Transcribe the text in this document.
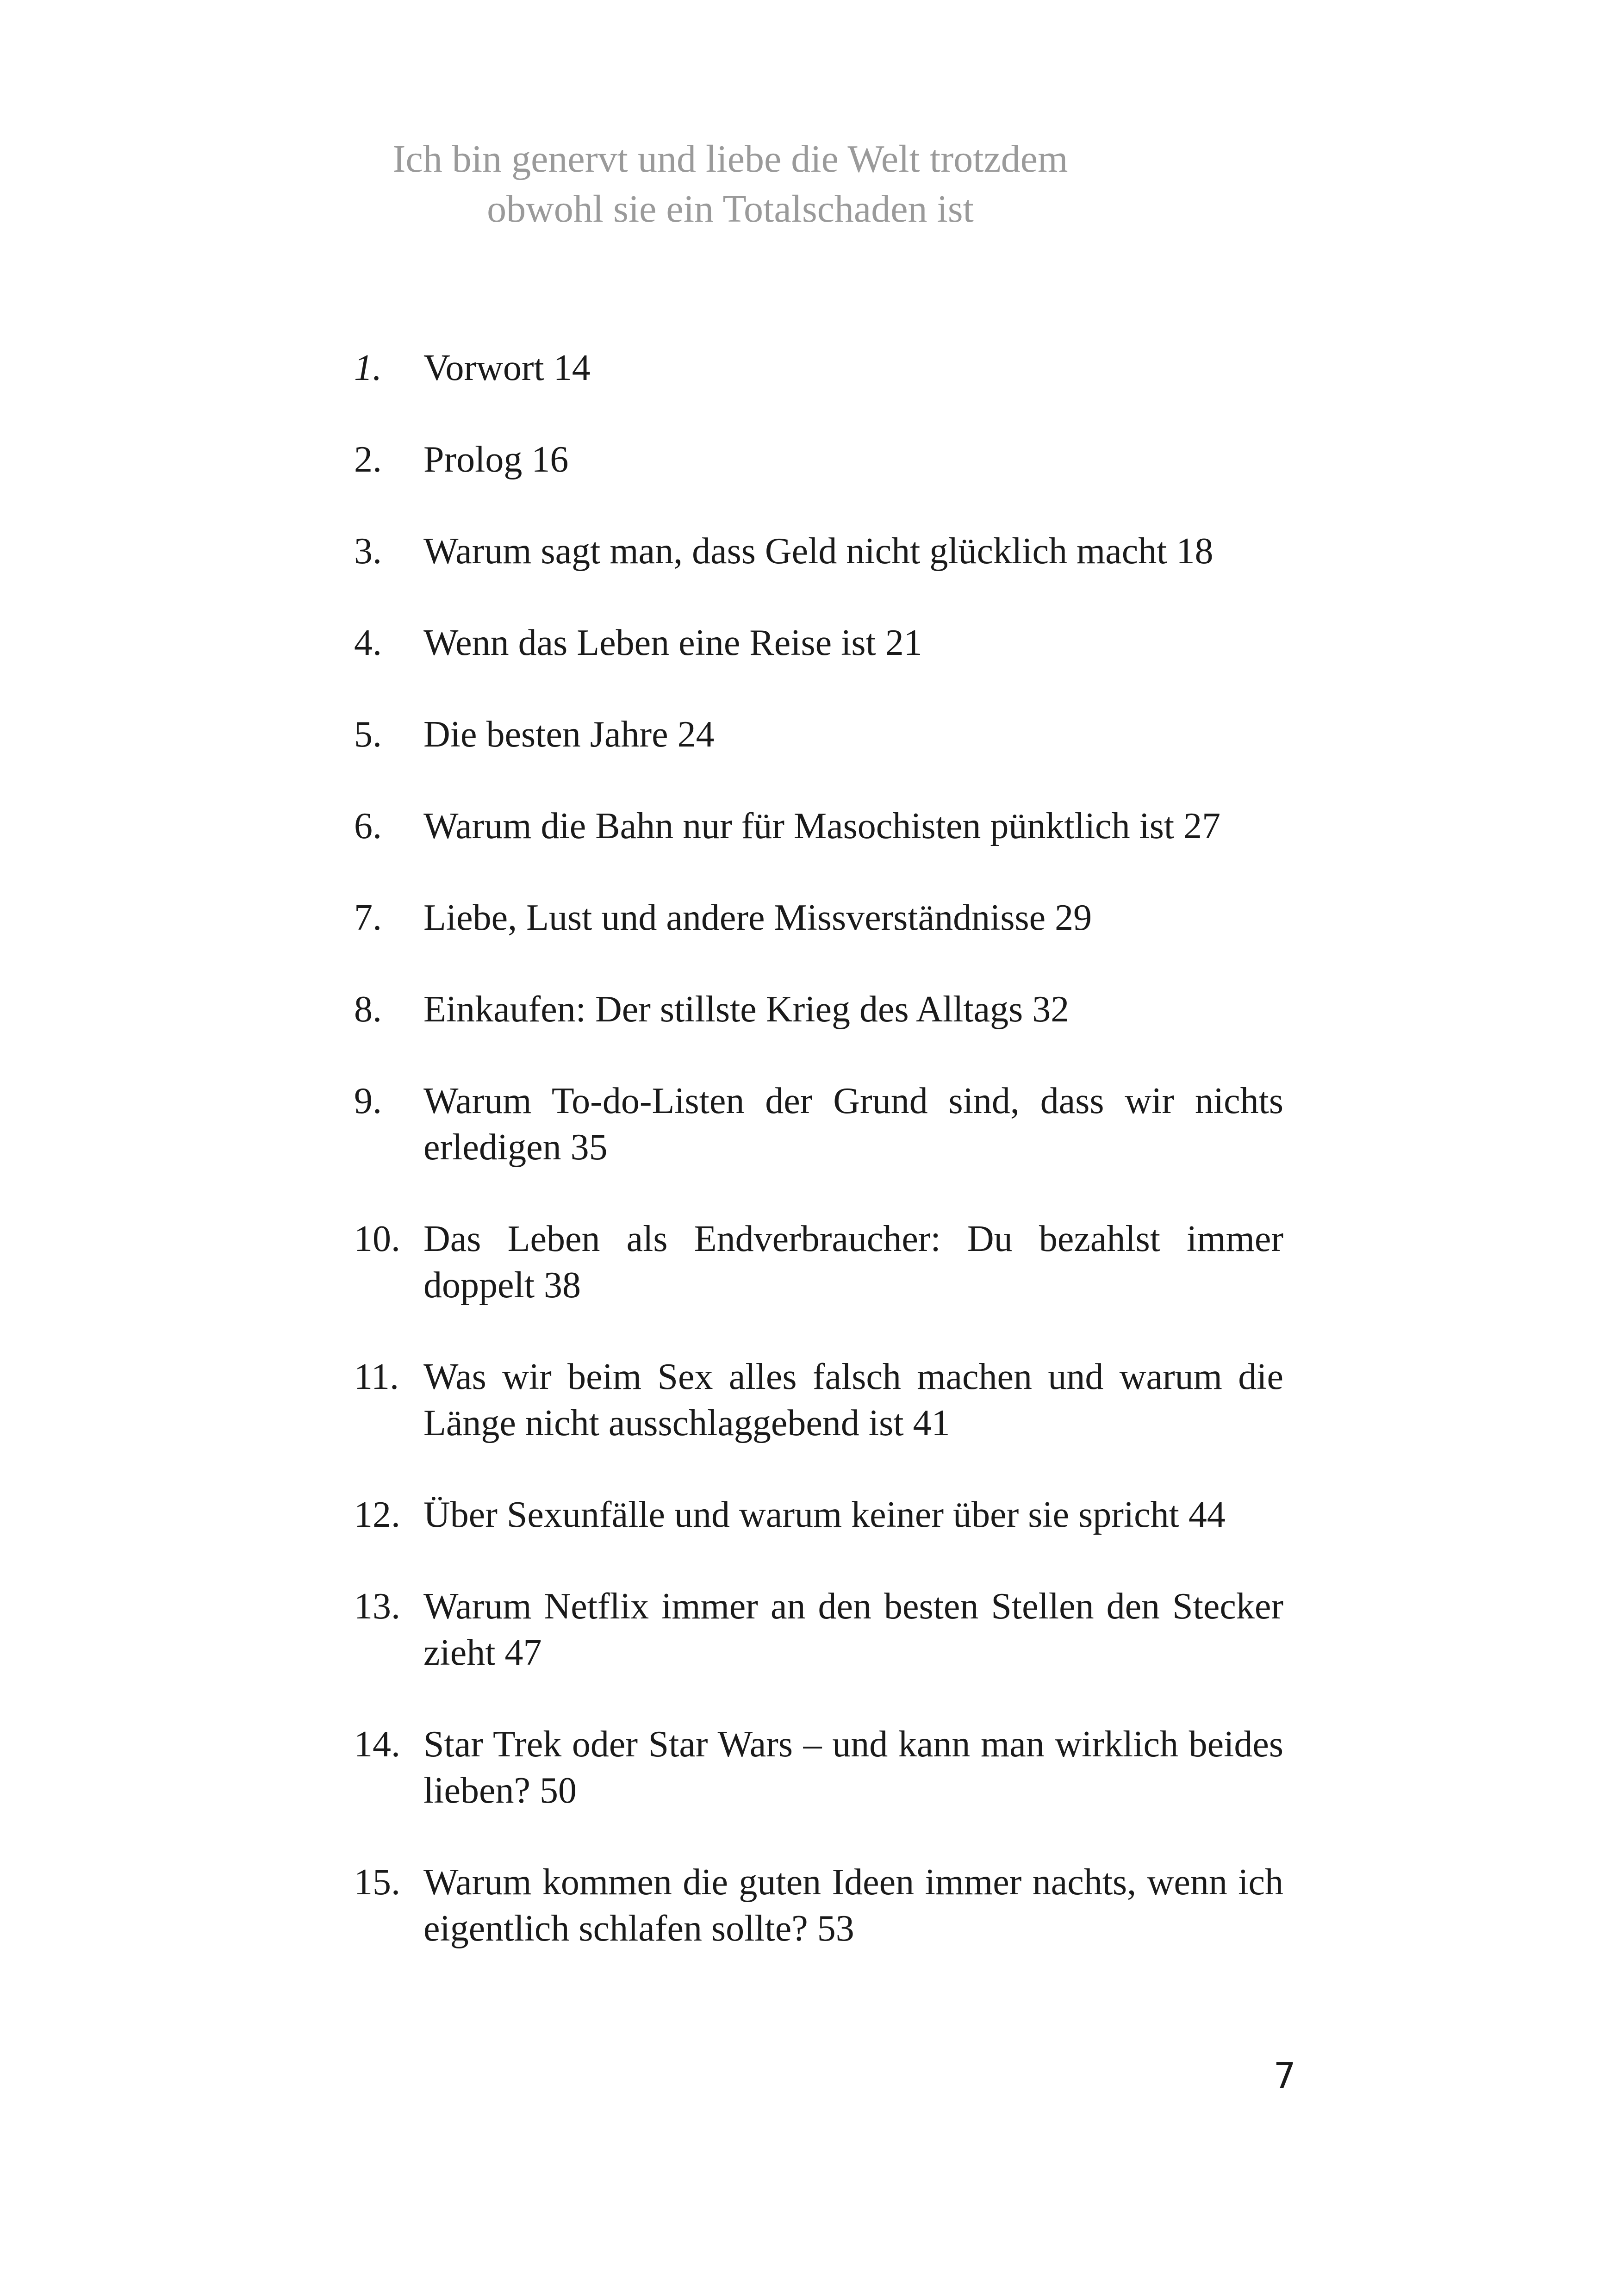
Ich bin genervt und liebe die Welt trotzdem
obwohl sie ein Totalschaden ist
1. Vorwort 14
2. Prolog 16
3. Warum sagt man, dass Geld nicht glücklich macht 18
4. Wenn das Leben eine Reise ist 21
5. Die besten Jahre 24
6. Warum die Bahn nur für Masochisten pünktlich ist 27
7. Liebe, Lust und andere Missverständnisse 29
8. Einkaufen: Der stillste Krieg des Alltags 32
9. Warum To-do-Listen der Grund sind, dass wir nichts erledigen 35
10. Das Leben als Endverbraucher: Du bezahlst immer doppelt 38
11. Was wir beim Sex alles falsch machen und warum die Länge nicht ausschlaggebend ist 41
12. Über Sexunfälle und warum keiner über sie spricht 44
13. Warum Netflix immer an den besten Stellen den Stecker zieht 47
14. Star Trek oder Star Wars – und kann man wirklich beides lieben? 50
15. Warum kommen die guten Ideen immer nachts, wenn ich eigentlich schlafen sollte? 53
7
